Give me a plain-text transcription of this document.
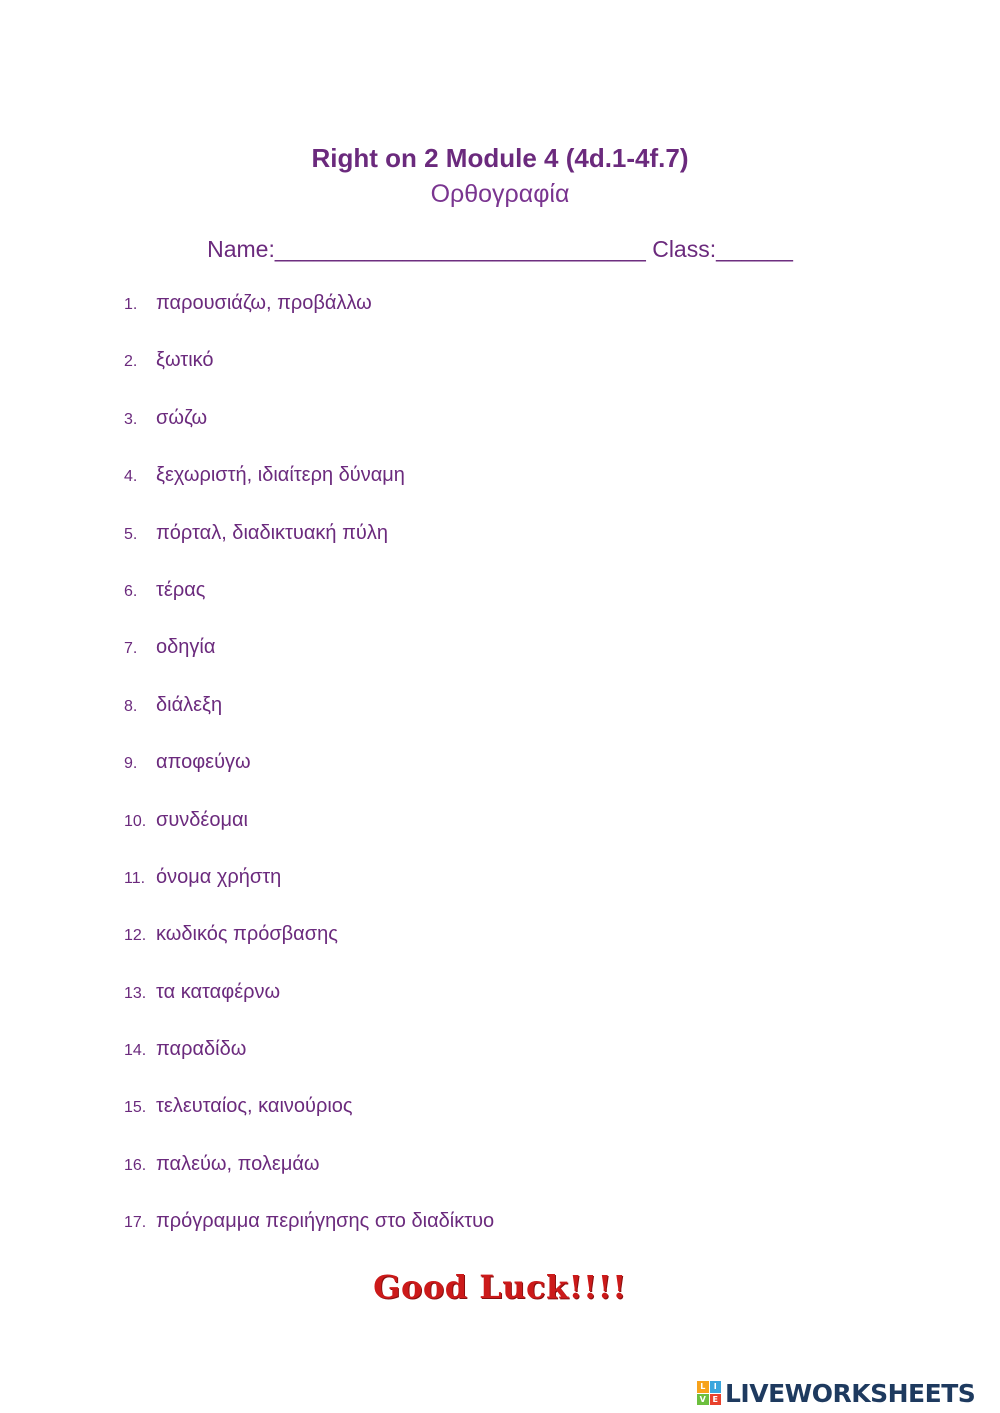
Right on 2 Module 4 (4d.1-4f.7)
Ορθογραφία
Name:_____________________________ Class:______
1. παρουσιάζω, προβάλλω
2. ξωτικό
3. σώζω
4. ξεχωριστή, ιδιαίτερη δύναμη
5. πόρταλ, διαδικτυακή πύλη
6. τέρας
7. οδηγία
8. διάλεξη
9. αποφεύγω
10. συνδέομαι
11. όνομα χρήστη
12. κωδικός πρόσβασης
13. τα καταφέρνω
14. παραδίδω
15. τελευταίος, καινούριος
16. παλεύω, πολεμάω
17. πρόγραμμα περιήγησης στο διαδίκτυο
Good Luck!!!!
L	I
V E LIVEWORKSHEETS
